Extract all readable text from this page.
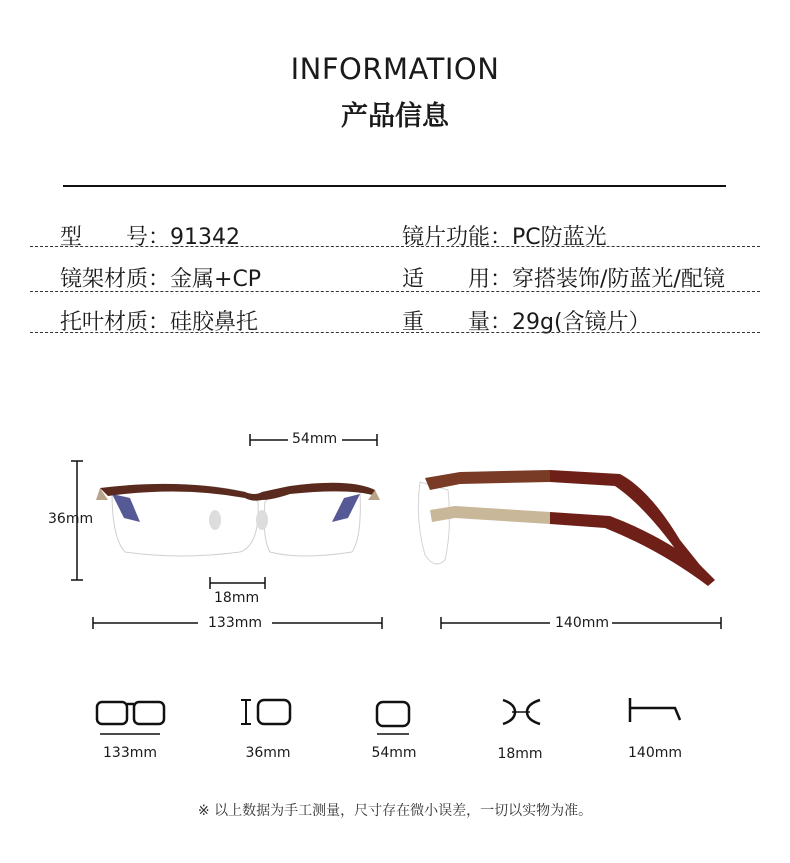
INFORMATION
产品信息
型　　号：91342	镜片功能：PC防蓝光
镜架材质：金属+CP	适　　用：穿搭装饰/防蓝光/配镜
托叶材质：硅胶鼻托	重　　量：29g(含镜片）
54mm
36mm
18mm
133mm	140mm
133mm	36mm	54mm	18mm	140mm
※ 以上数据为手工测量，尺寸存在微小误差，一切以实物为准。
